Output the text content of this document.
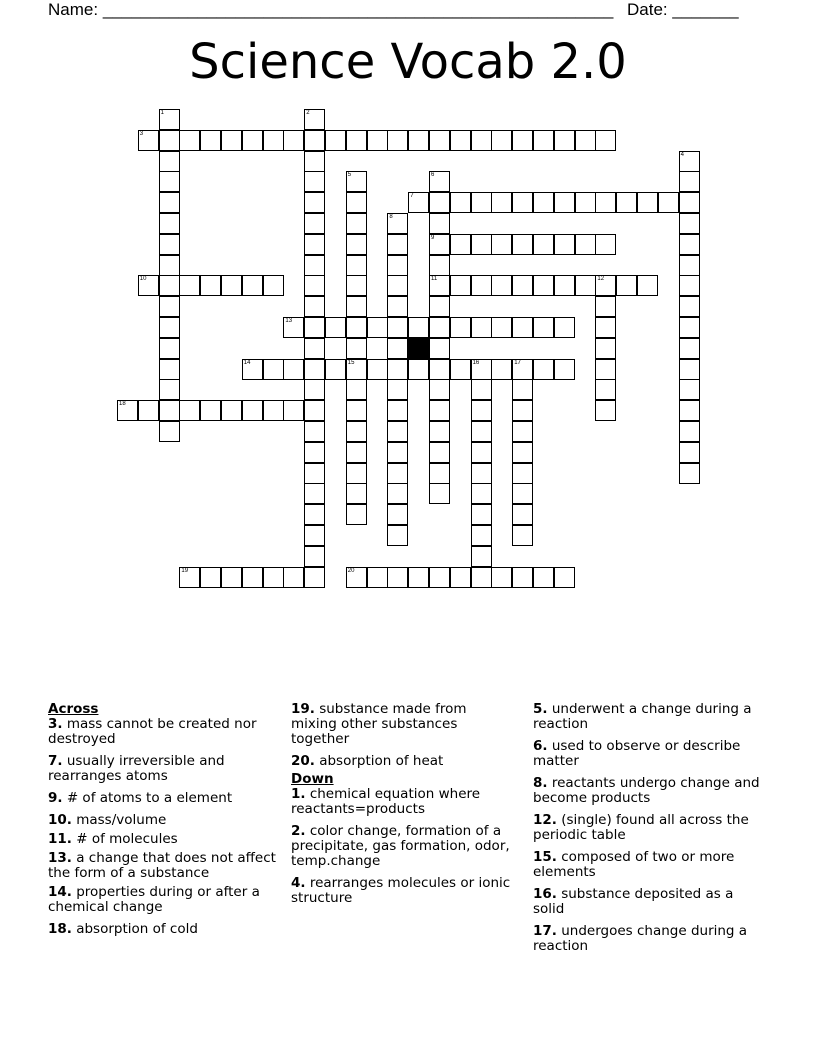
Name: ______________________________________________________ Date: _______
Science Vocab 2.0
3
7
9
10	11	12
13
14	15	16	17
18
19	20
1	2
4
5	6
8
Across
3. mass cannot be created nor destroyed
7. usually irreversible and rearranges atoms
9. # of atoms to a element
10. mass/volume
11. # of molecules
13. a change that does not affect the form of a substance
14. properties during or after a chemical change
18. absorption of cold
19. substance made from mixing other substances together
20. absorption of heat
Down
1. chemical equation where reactants=products
2. color change, formation of a precipitate, gas formation, odor, temp.change
4. rearranges molecules or ionic structure
5. underwent a change during a reaction
6. used to observe or describe matter
8. reactants undergo change and become products
12. (single) found all across the periodic table
15. composed of two or more elements
16. substance deposited as a solid
17. undergoes change during a reaction
